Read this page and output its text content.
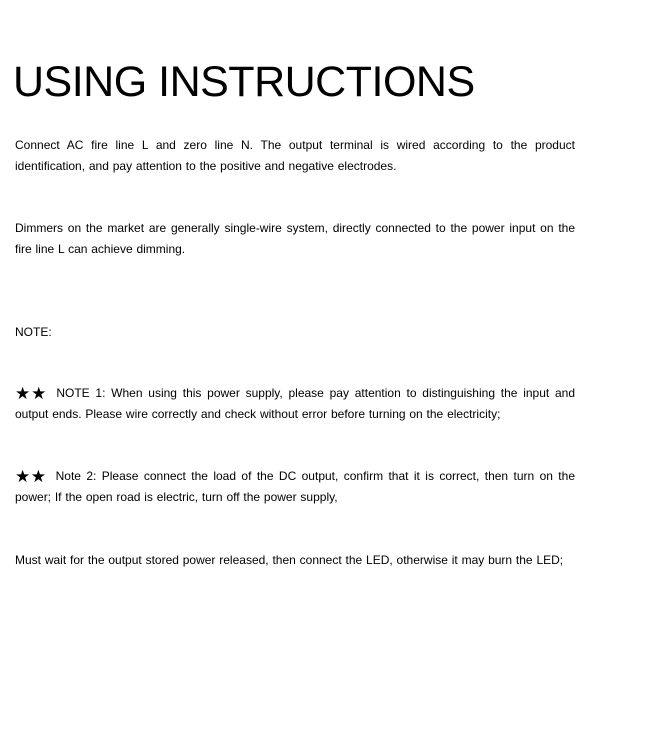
USING INSTRUCTIONS

Connect AC fire line L and zero line N. The output terminal is wired according to the product identification, and pay attention to the positive and negative electrodes.

Dimmers on the market are generally single-wire system, directly connected to the power input on the fire line L can achieve dimming.

NOTE:

★★ NOTE 1: When using this power supply, please pay attention to distinguishing the input and output ends. Please wire correctly and check without error before turning on the electricity;

★★ Note 2: Please connect the load of the DC output, confirm that it is correct, then turn on the power; If the open road is electric, turn off the power supply,

Must wait for the output stored power released, then connect the LED, otherwise it may burn the LED;
